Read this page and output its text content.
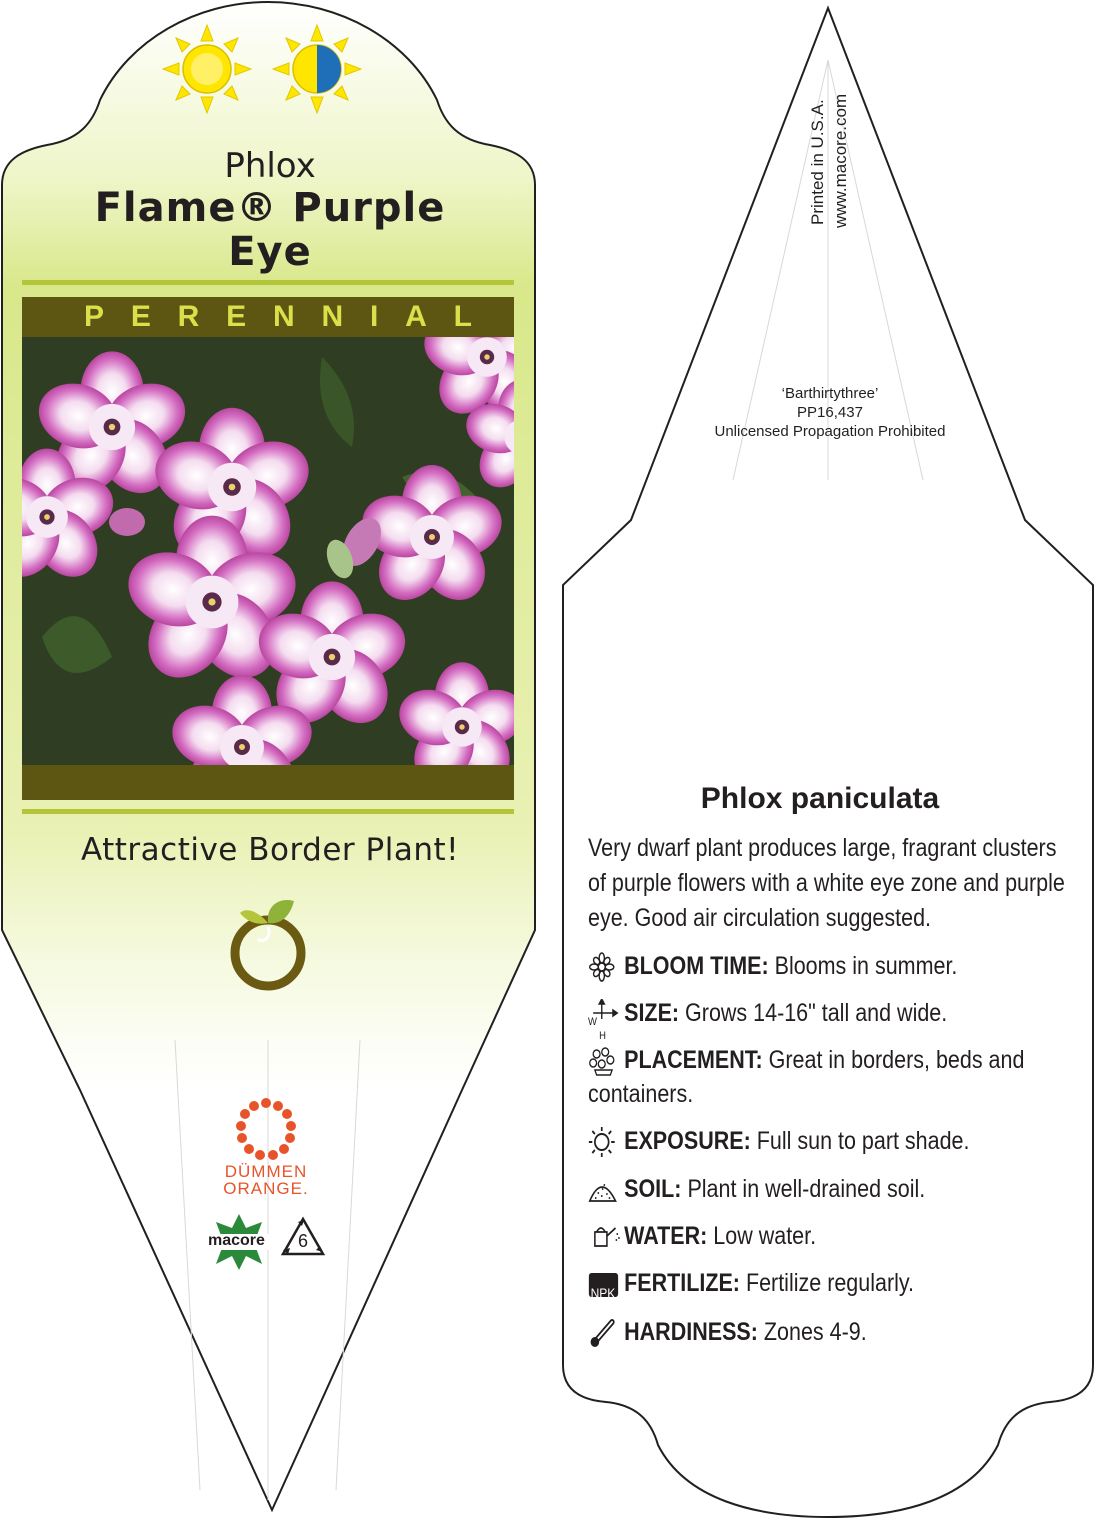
Phlox
Flame® Purple
Eye
P E R E N N I A L
Attractive Border Plant!
DÜMMEN
ORANGE.
macore 6
Printed in U.S.A. www.macore.com
‘Barthirtythree’
PP16,437
Unlicensed Propagation Prohibited
Phlox paniculata
Very dwarf plant produces large, fragrant clusters of purple flowers with a white eye zone and purple eye. Good air circulation suggested.
BLOOM TIME: Blooms in summer.
W
H
SIZE: Grows 14-16" tall and wide.
PLACEMENT: Great in borders, beds and
containers.
EXPOSURE: Full sun to part shade.
SOIL: Plant in well-drained soil.
WATER: Low water.
NPK FERTILIZE: Fertilize regularly.
HARDINESS: Zones 4-9.
